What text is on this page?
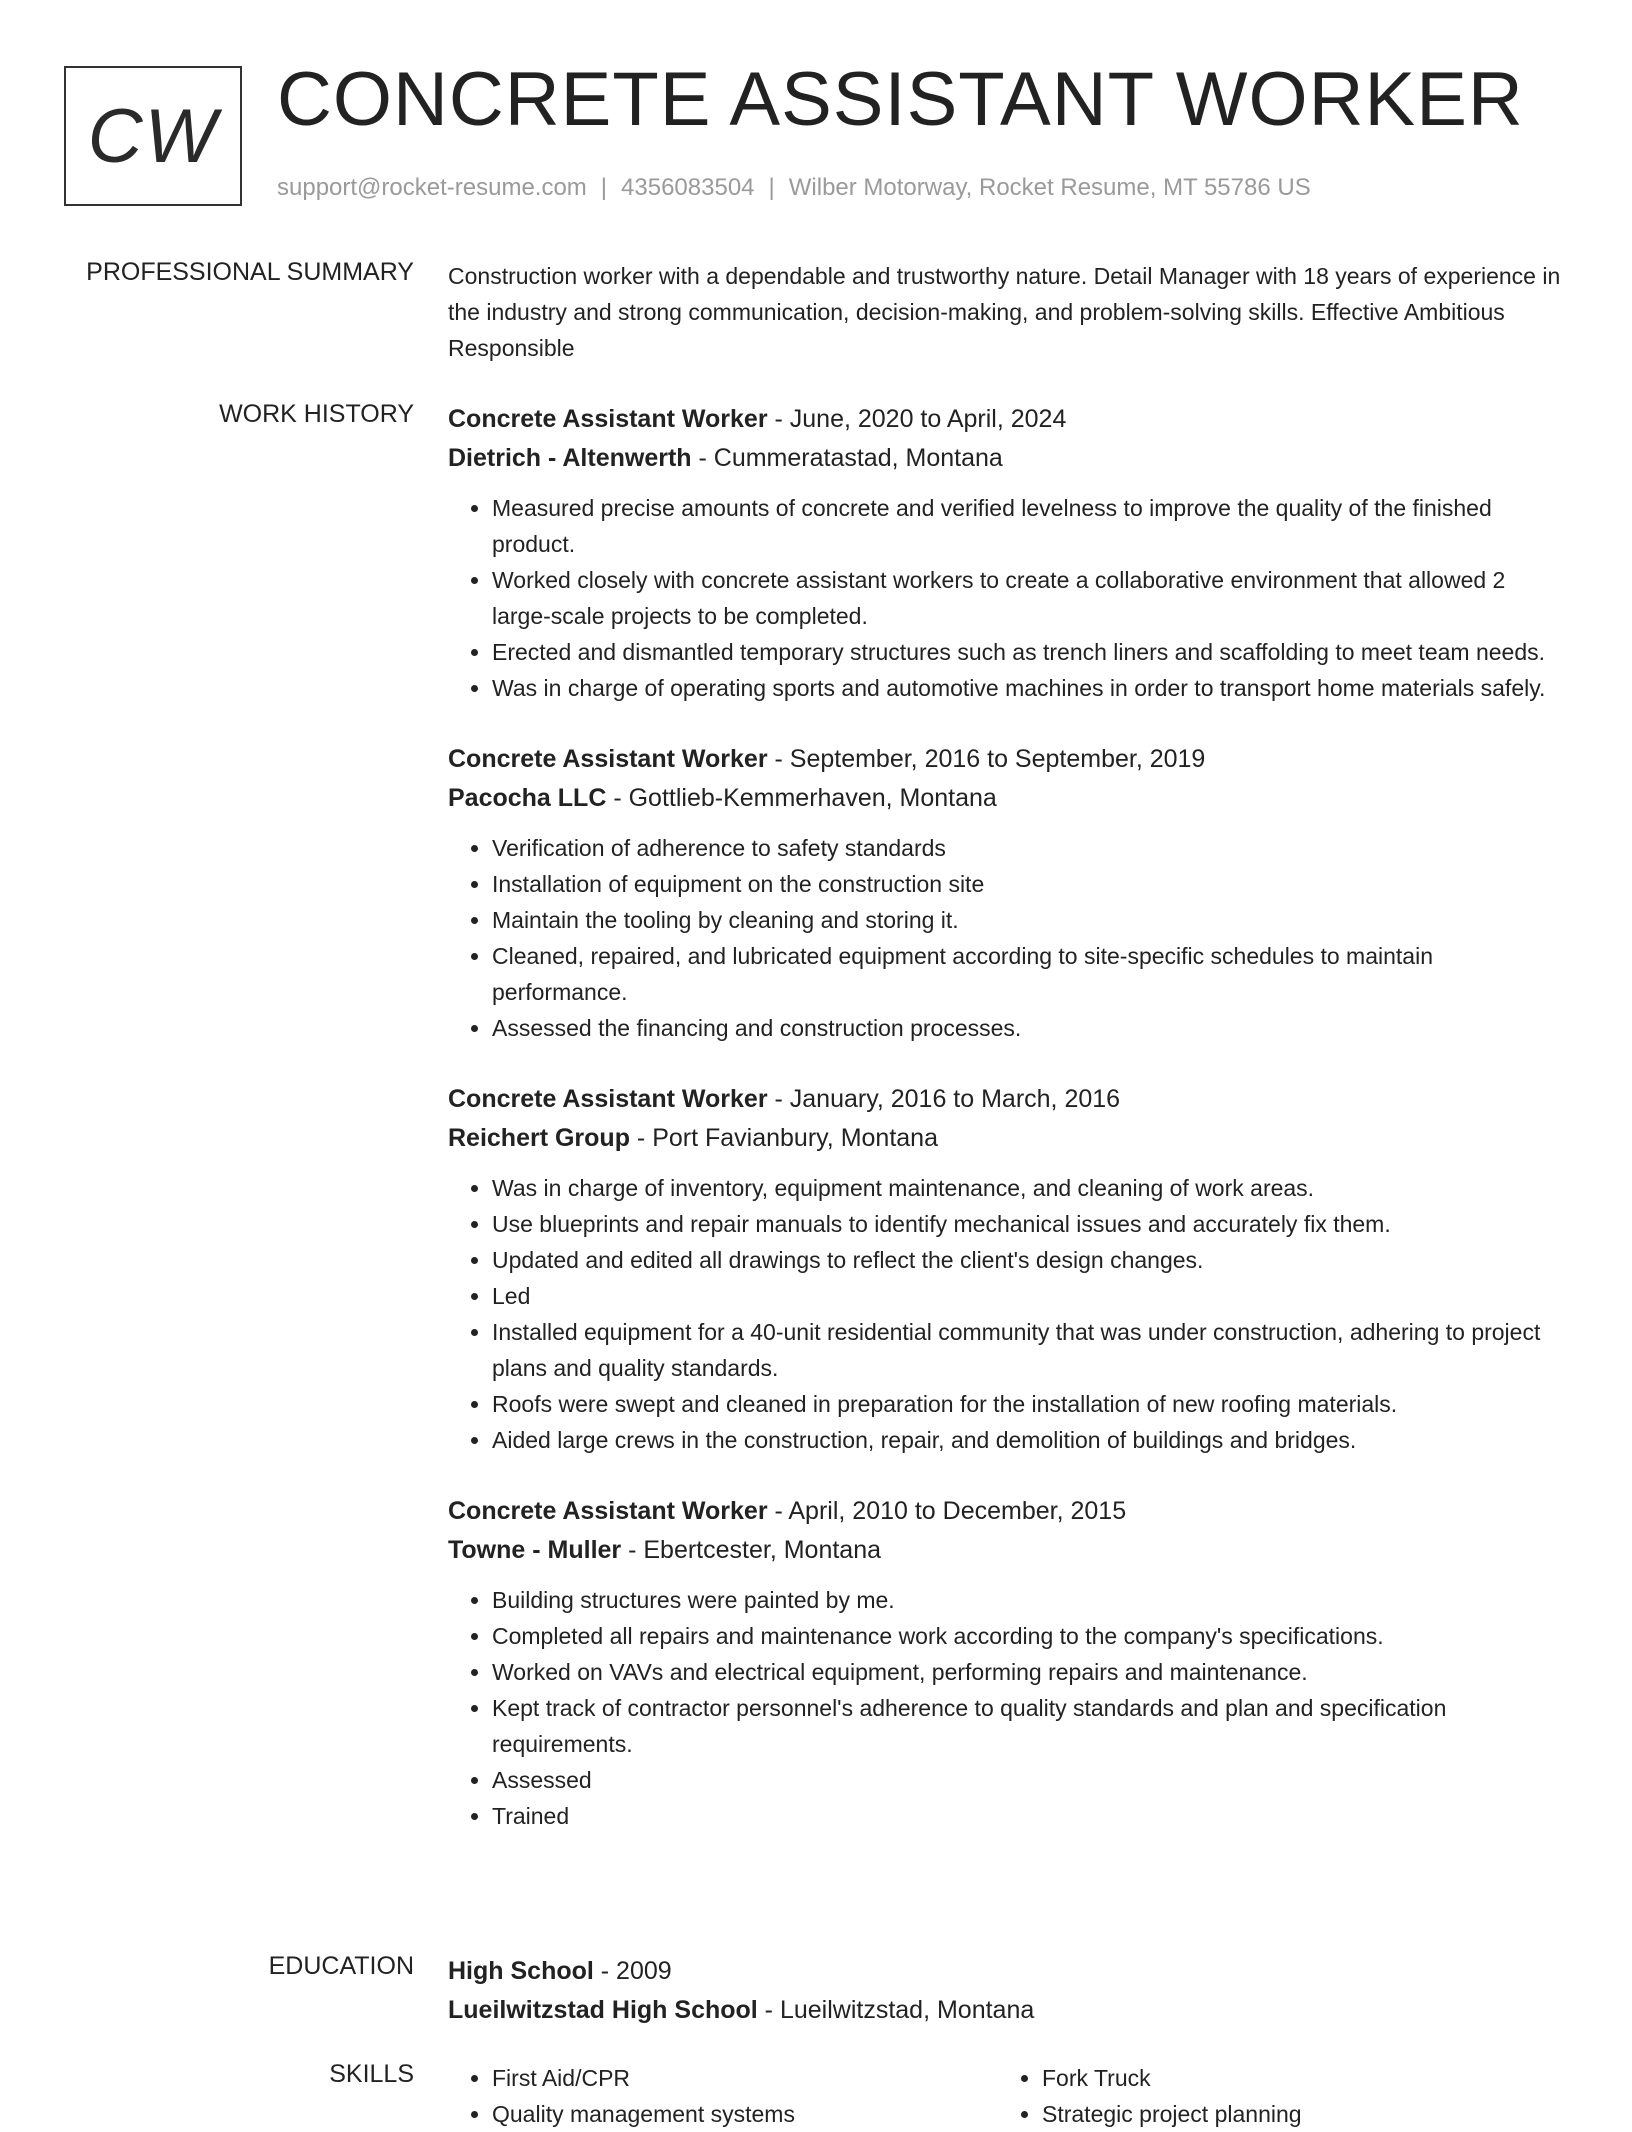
CW CONCRETE ASSISTANT WORKER
support@rocket-resume.com | 4356083504 | Wilber Motorway, Rocket Resume, MT 55786 US
PROFESSIONAL SUMMARY Construction worker with a dependable and trustworthy nature. Detail Manager with 18 years of experience in the industry and strong communication, decision-making, and problem-solving skills. Effective Ambitious Responsible
WORK HISTORY Concrete Assistant Worker - June, 2020 to April, 2024
Dietrich - Altenwerth - Cummeratastad, Montana
• Measured precise amounts of concrete and verified levelness to improve the quality of the finished product.
• Worked closely with concrete assistant workers to create a collaborative environment that allowed 2 large-scale projects to be completed.
• Erected and dismantled temporary structures such as trench liners and scaffolding to meet team needs.
• Was in charge of operating sports and automotive machines in order to transport home materials safely.
Concrete Assistant Worker - September, 2016 to September, 2019
Pacocha LLC - Gottlieb-Kemmerhaven, Montana
• Verification of adherence to safety standards
• Installation of equipment on the construction site
• Maintain the tooling by cleaning and storing it.
• Cleaned, repaired, and lubricated equipment according to site-specific schedules to maintain performance.
• Assessed the financing and construction processes.
Concrete Assistant Worker - January, 2016 to March, 2016
Reichert Group - Port Favianbury, Montana
• Was in charge of inventory, equipment maintenance, and cleaning of work areas.
• Use blueprints and repair manuals to identify mechanical issues and accurately fix them.
• Updated and edited all drawings to reflect the client's design changes.
• Led
• Installed equipment for a 40-unit residential community that was under construction, adhering to project plans and quality standards.
• Roofs were swept and cleaned in preparation for the installation of new roofing materials.
• Aided large crews in the construction, repair, and demolition of buildings and bridges.
Concrete Assistant Worker - April, 2010 to December, 2015
Towne - Muller - Ebertcester, Montana
• Building structures were painted by me.
• Completed all repairs and maintenance work according to the company's specifications.
• Worked on VAVs and electrical equipment, performing repairs and maintenance.
• Kept track of contractor personnel's adherence to quality standards and plan and specification requirements.
• Assessed
• Trained
EDUCATION High School - 2009
Lueilwitzstad High School - Lueilwitzstad, Montana
SKILLS
•	First Aid/CPR
• Quality management systems
• Fork Truck
• Strategic project planning
